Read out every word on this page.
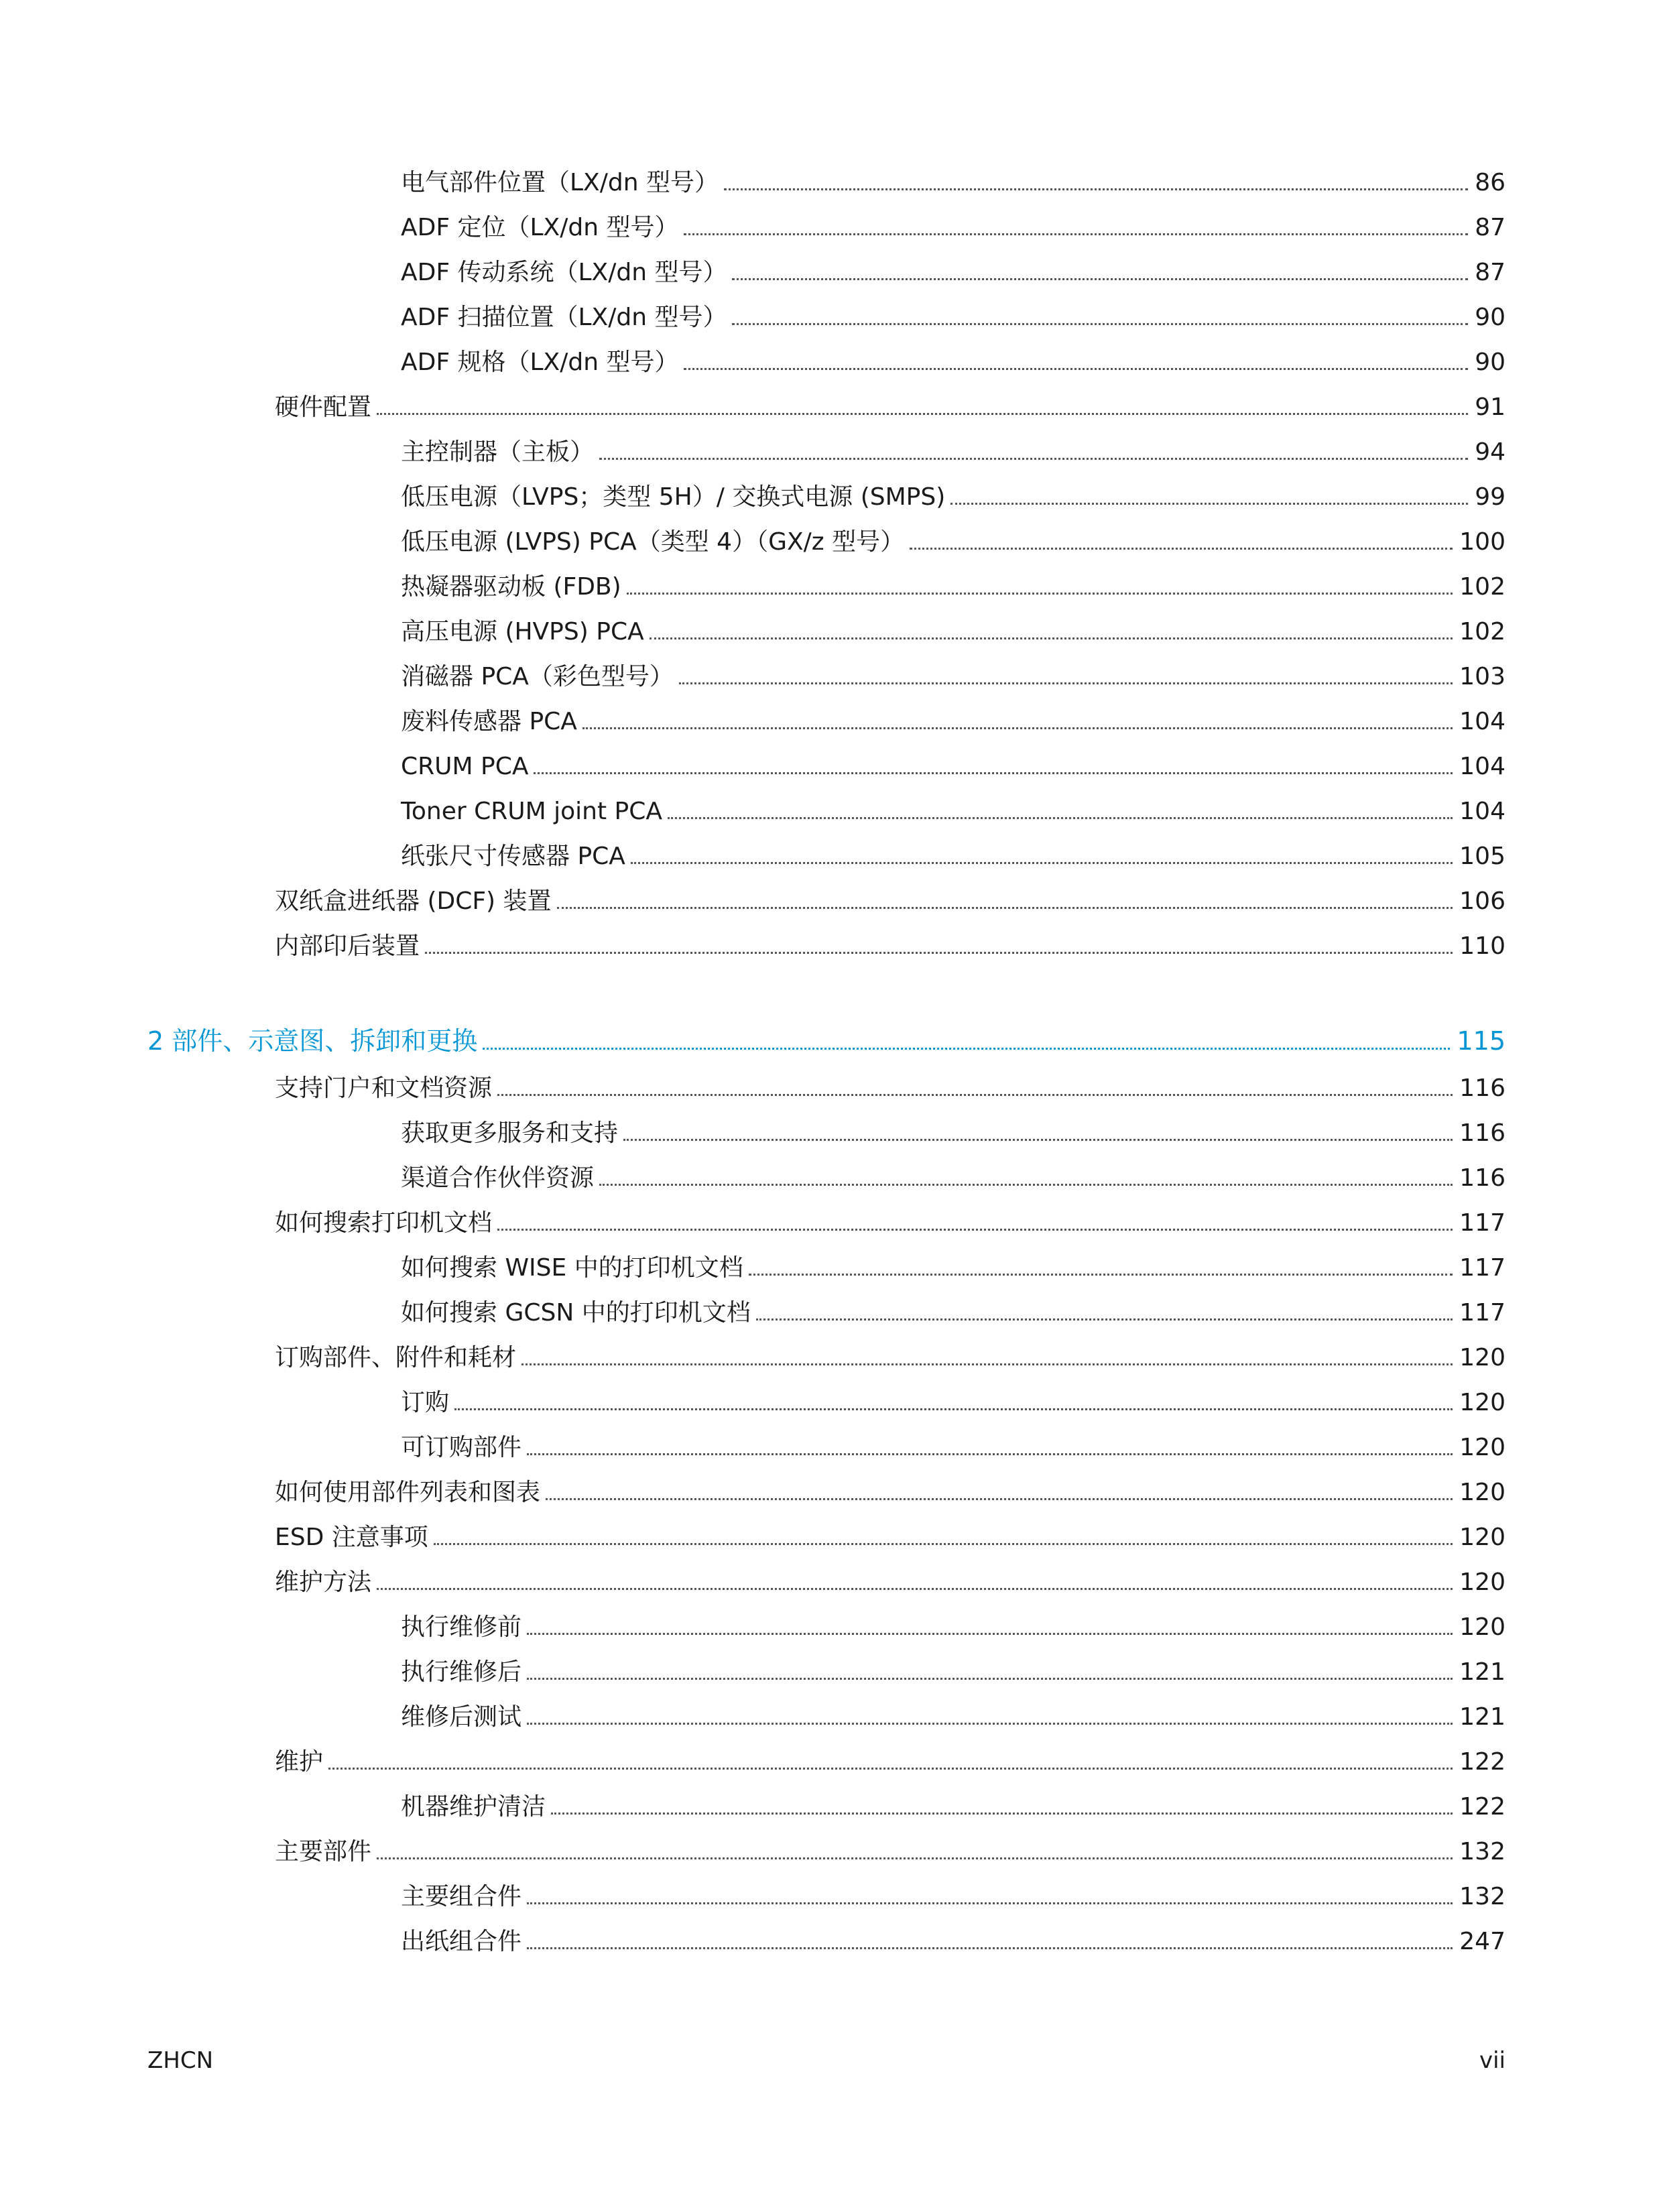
电气部件位置（LX/dn 型号）	86
ADF 定位（LX/dn 型号）	87
ADF 传动系统（LX/dn 型号）	87
ADF 扫描位置（LX/dn 型号）	90
ADF 规格（LX/dn 型号）	90
硬件配置	91
主控制器（主板）	94
低压电源（LVPS；类型 5H）/ 交换式电源 (SMPS)	99
低压电源 (LVPS) PCA（类型 4）（GX/z 型号）	100
热凝器驱动板 (FDB)	102
高压电源 (HVPS) PCA	102
消磁器 PCA（彩色型号）	103
废料传感器 PCA	104
CRUM PCA	104
Toner CRUM joint PCA	104
纸张尺寸传感器 PCA	105
双纸盒进纸器 (DCF) 装置	106
内部印后装置	110
2 部件、示意图、拆卸和更换	115
支持门户和文档资源	116
获取更多服务和支持	116
渠道合作伙伴资源	116
如何搜索打印机文档	117
如何搜索 WISE 中的打印机文档	117
如何搜索 GCSN 中的打印机文档	117
订购部件、附件和耗材	120
订购	120
可订购部件	120
如何使用部件列表和图表	120
ESD 注意事项	120
维护方法	120
执行维修前	120
执行维修后	121
维修后测试	121
维护	122
机器维护清洁	122
主要部件	132
主要组合件	132
出纸组合件	247
ZHCN	vii
